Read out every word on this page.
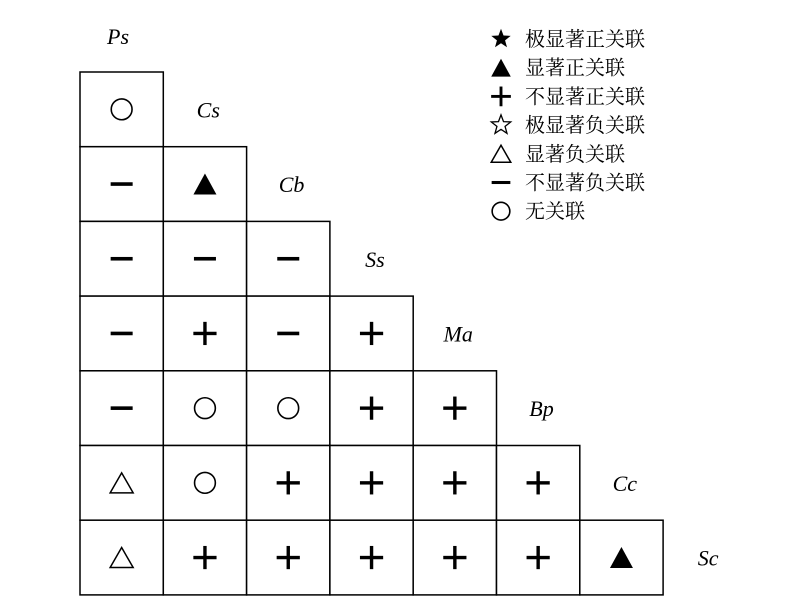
Ps
Cs
Cb
Ss
Ma
Bp
Cc
Sc
极显著正关联
显著正关联
不显著正关联
极显著负关联
显著负关联
不显著负关联
无关联
